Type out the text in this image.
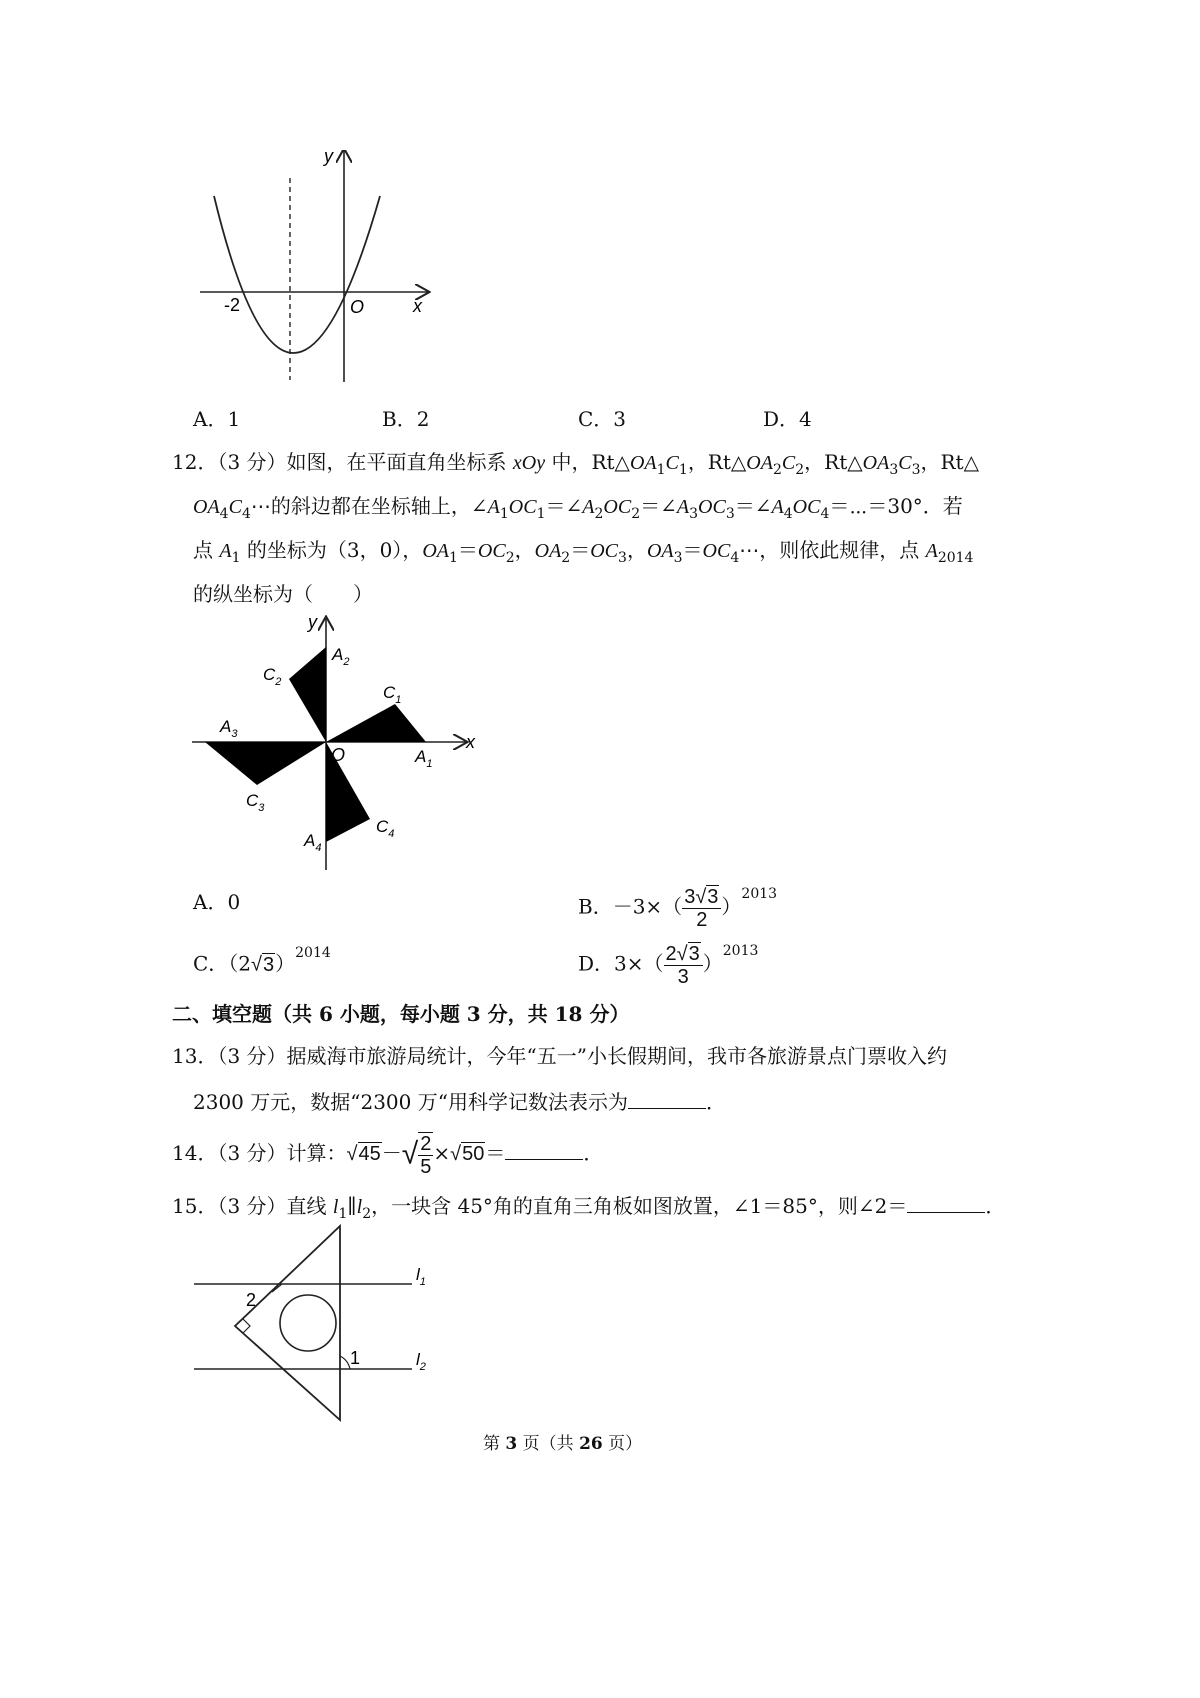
y
x
O
-2
A．1	B．2	C．3	D．4
12．（3 分）如图，在平面直角坐标系 xOy 中，$Rt\triangle OA_1C_1$，$Rt\triangle OA_2C_2$，$Rt\triangle OA_3C_3$，Rt△
$OA_4C_4\cdots$的斜边都在坐标轴上，$\angle A_1OC_1=\angle A_2OC_2=\angle A_3OC_3=\angle A_4OC_4=\cdots=30^\circ$．若
点 $A_1$ 的坐标为（3，0），$OA_1=OC_2$，$OA_2=OC_3$，$OA_3=OC_4\cdots$，则依此规律，点 $A_{2014}$
的纵坐标为（　　）
y
x
O	$A_1$
$C_1$
$A_2$
$C_2$
$A_3$
$C_3$
$A_4$
$C_4$
A．0	B．$-3\times( \frac{3√3}{2} )^{2013}$
C．$(2√3)^{2014}$	D．$3\times( \frac{2√3}{3} )^{2013}$
二、填空题（共 6 小题，每小题 3 分，共 18 分）
13．（3 分）据威海市旅游局统计，今年“五一”小长假期间，我市各旅游景点门票收入约
2300 万元，数据“2300 万“用科学记数法表示为	．
14．（3 分）计算：$√45-√ \frac{2}{5} \times√50=$	．
15．（3 分）直线 $l_1\parallel l_2$，一块含 45°角的直角三角板如图放置，∠1＝85°，则∠2＝	．
2
1
$l_1$
$l_2$
第 3 页（共 26 页）
